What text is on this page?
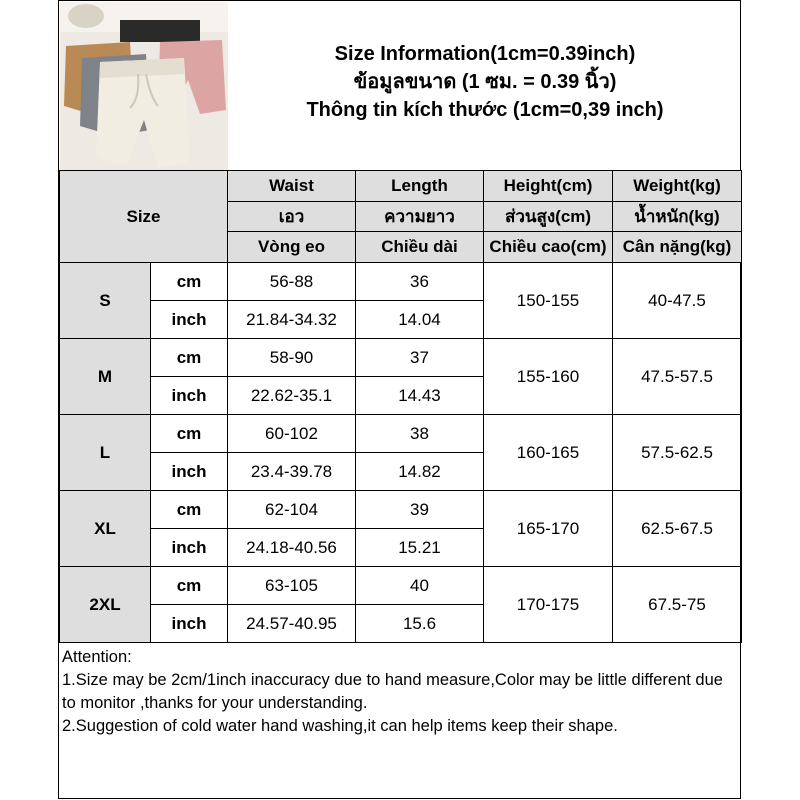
Size Information(1cm=0.39inch)
ข้อมูลขนาด (1 ซม. = 0.39 นิ้ว)
Thông tin kích thước (1cm=0,39 inch)
Size		Waist	Length	Height(cm)	Weight(kg)
		เอว	ความยาว	ส่วนสูง(cm)	น้ำหนัก(kg)
		Vòng eo	Chiều dài	Chiều cao(cm)	Cân nặng(kg)
S	cm	56-88	36	150-155	40-47.5
	inch	21.84-34.32	14.04		
M	cm	58-90	37	155-160	47.5-57.5
	inch	22.62-35.1	14.43		
L	cm	60-102	38	160-165	57.5-62.5
	inch	23.4-39.78	14.82		
XL	cm	62-104	39	165-170	62.5-67.5
	inch	24.18-40.56	15.21		
2XL	cm	63-105	40	170-175	67.5-75
	inch	24.57-40.95	15.6		
Attention:
1.Size may be 2cm/1inch inaccuracy due to hand measure,Color may be little different due to monitor ,thanks for your understanding.
2.Suggestion of cold water hand washing,it can help items keep their shape.
